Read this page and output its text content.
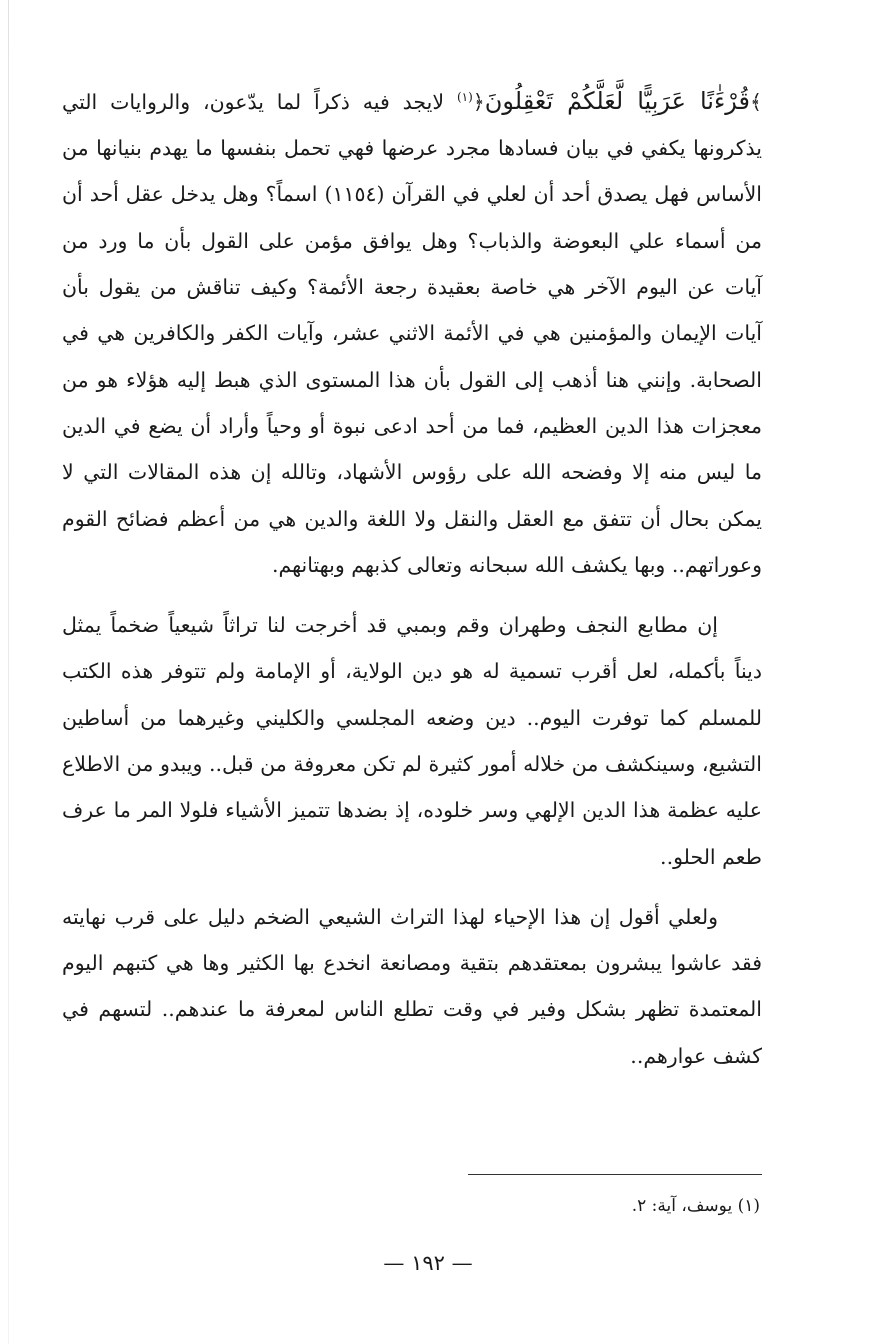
﴾قُرْءَٰنًا عَرَبِيًّا لَّعَلَّكُمْ تَعْقِلُونَ﴿$^{(١)}$ لايجد فيه ذكراً لما يدّعون، والروايات التي يذكرونها يكفي في بيان فسادها مجرد عرضها فهي تحمل بنفسها ما يهدم بنيانها من الأساس فهل يصدق أحد أن لعلي في القرآن (١١٥٤) اسماً؟ وهل يدخل عقل أحد أن من أسماء علي البعوضة والذباب؟ وهل يوافق مؤمن على القول بأن ما ورد من آيات عن اليوم الآخر هي خاصة بعقيدة رجعة الأئمة؟ وكيف تناقش من يقول بأن آيات الإيمان والمؤمنين هي في الأئمة الاثني عشر، وآيات الكفر والكافرين هي في الصحابة. وإنني هنا أذهب إلى القول بأن هذا المستوى الذي هبط إليه هؤلاء هو من معجزات هذا الدين العظيم، فما من أحد ادعى نبوة أو وحياً وأراد أن يضع في الدين ما ليس منه إلا وفضحه الله على رؤوس الأشهاد، وتالله إن هذه المقالات التي لا يمكن بحال أن تتفق مع العقل والنقل ولا اللغة والدين هي من أعظم فضائح القوم وعوراتهم.. وبها يكشف الله سبحانه وتعالى كذبهم وبهتانهم.

إن مطابع النجف وطهران وقم وبمبي قد أخرجت لنا تراثاً شيعياً ضخماً يمثل ديناً بأكمله، لعل أقرب تسمية له هو دين الولاية، أو الإمامة ولم تتوفر هذه الكتب للمسلم كما توفرت اليوم.. دين وضعه المجلسي والكليني وغيرهما من أساطين التشيع، وسينكشف من خلاله أمور كثيرة لم تكن معروفة من قبل.. ويبدو من الاطلاع عليه عظمة هذا الدين الإلهي وسر خلوده، إذ بضدها تتميز الأشياء فلولا المر ما عرف طعم الحلو..

ولعلي أقول إن هذا الإحياء لهذا التراث الشيعي الضخم دليل على قرب نهايته فقد عاشوا يبشرون بمعتقدهم بتقية ومصانعة انخدع بها الكثير وها هي كتبهم اليوم المعتمدة تظهر بشكل وفير في وقت تطلع الناس لمعرفة ما عندهم.. لتسهم في كشف عوارهم..

(١) يوسف، آية: ٢.
— ١٩٢ —
